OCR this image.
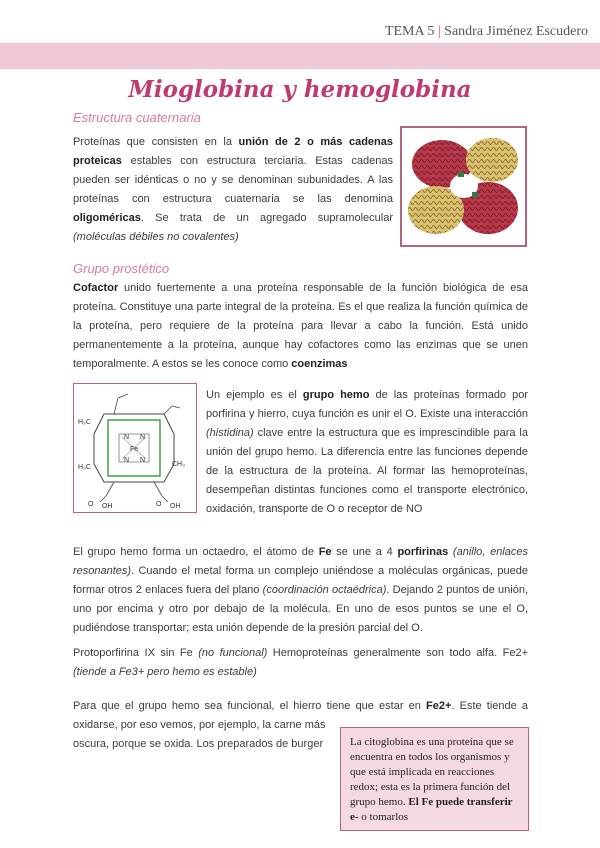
TEMA 5 | Sandra Jiménez Escudero
Mioglobina y hemoglobina
Estructura cuaternaria
Proteínas que consisten en la unión de 2 o más cadenas proteicas estables con estructura terciaria. Estas cadenas pueden ser idénticas o no y se denominan subunidades. A las proteínas con estructura cuaternaria se las denomina oligoméricas. Se trata de un agregado supramolecular (moléculas débiles no covalentes)
Grupo prostético
Cofactor unido fuertemente a una proteína responsable de la función biológica de esa proteína. Constituye una parte integral de la proteína. Es el que realiza la función química de la proteína, pero requiere de la proteína para llevar a cabo la función. Está unido permanentemente a la proteína, aunque hay cofactores como las enzimas que se unen temporalmente. A estos se les conoce como coenzimas
H₃C
H₃C	CH₃
N N
N N
Fe
O OH	O OH
Un ejemplo es el grupo hemo de las proteínas formado por porfirina y hierro, cuya función es unir el O. Existe una interacción (histidina) clave entre la estructura que es imprescindible para la unión del grupo hemo. La diferencia entre las funciones depende de la estructura de la proteína. Al formar las hemoproteínas, desempeñan distintas funciones como el transporte electrónico, oxidación, transporte de O o receptor de NO
El grupo hemo forma un octaedro, el átomo de Fe se une a 4 porfirinas (anillo, enlaces resonantes). Cuando el metal forma un complejo uniéndose a moléculas orgánicas, puede formar otros 2 enlaces fuera del plano (coordinación octaédrica). Dejando 2 puntos de unión, uno por encima y otro por debajo de la molécula. En uno de esos puntos se une el O, pudiéndose transportar; esta unión depende de la presión parcial del O.
Protoporfirina IX sin Fe (no funcional) Hemoproteínas generalmente son todo alfa. Fe2+ (tiende a Fe3+ pero hemo es estable)
Para que el grupo hemo sea funcional, el hierro tiene que estar en Fe2+. Este tiende a oxidarse, por eso vemos, por ejemplo, la carne más
oscura, porque se oxida. Los preparados de burger	La citoglobina es una proteína que se encuentra en todos los organismos y que está implicada en reacciones redox; esta es la primera función del grupo hemo. El Fe puede transferir e- o tomarlos
